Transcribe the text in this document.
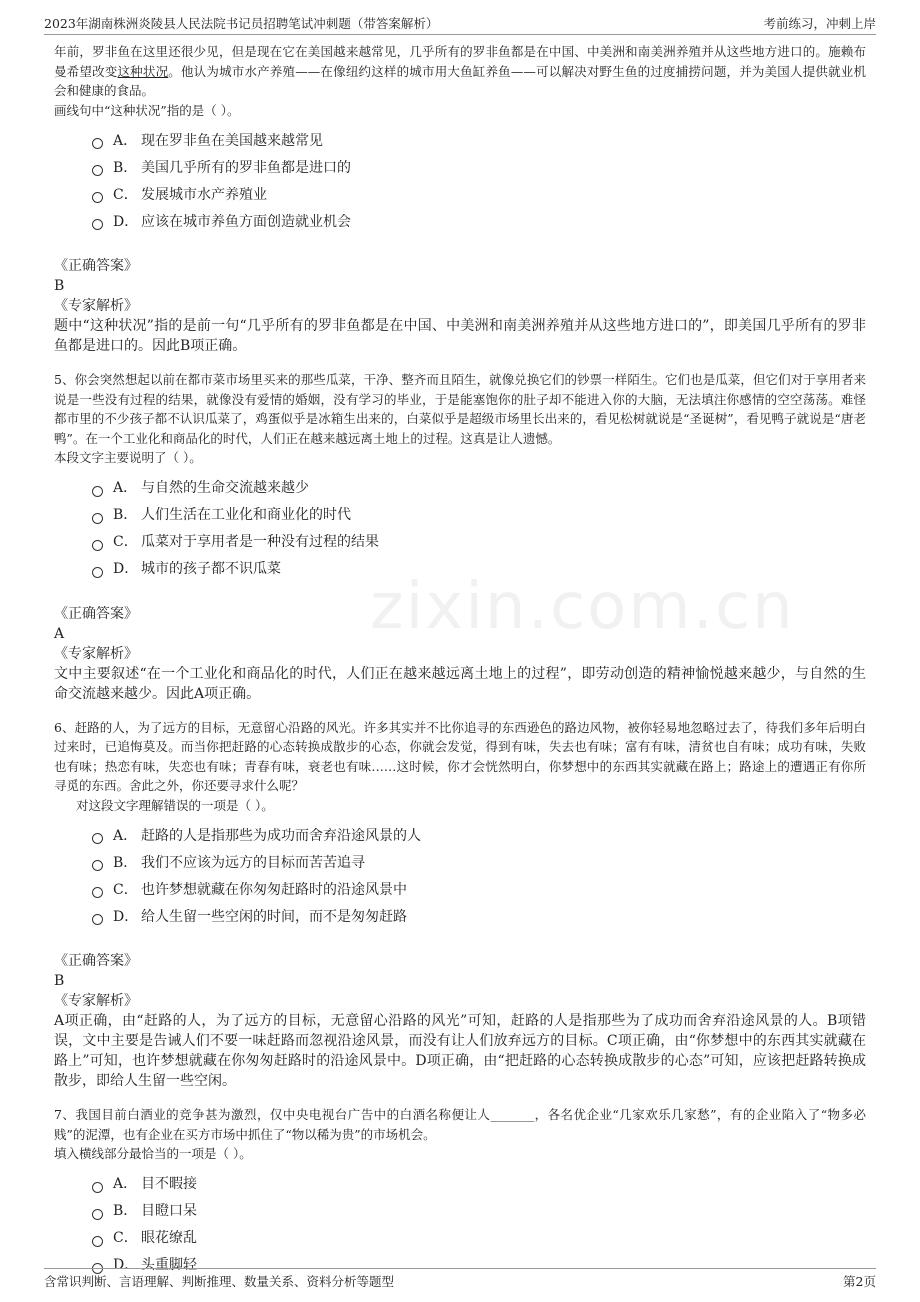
2023年湖南株洲炎陵县人民法院书记员招聘笔试冲刺题（带答案解析）	考前练习，冲刺上岸
zixin.com.cn

年前，罗非鱼在这里还很少见，但是现在它在美国越来越常见，几乎所有的罗非鱼都是在中国、中美洲和南美洲养殖并从这些地方进口的。施赖布曼希望改变这种状况。他认为城市水产养殖——在像纽约这样的城市用大鱼缸养鱼——可以解决对野生鱼的过度捕捞问题，并为美国人提供就业机会和健康的食品。

画线句中“这种状况”指的是（ ）。

A． 现在罗非鱼在美国越来越常见
B． 美国几乎所有的罗非鱼都是进口的
C． 发展城市水产养殖业
D． 应该在城市养鱼方面创造就业机会
《正确答案》
B
《专家解析》

题中“这种状况”指的是前一句“几乎所有的罗非鱼都是在中国、中美洲和南美洲养殖并从这些地方进口的”，即美国几乎所有的罗非鱼都是进口的。因此B项正确。

5、你会突然想起以前在都市菜市场里买来的那些瓜菜，干净、整齐而且陌生，就像兑换它们的钞票一样陌生。它们也是瓜菜，但它们对于享用者来说是一些没有过程的结果，就像没有爱情的婚姻，没有学习的毕业，于是能塞饱你的肚子却不能进入你的大脑，无法填注你感情的空空荡荡。难怪都市里的不少孩子都不认识瓜菜了，鸡蛋似乎是冰箱生出来的，白菜似乎是超级市场里长出来的，看见松树就说是“圣诞树”，看见鸭子就说是“唐老鸭”。在一个工业化和商品化的时代，人们正在越来越远离土地上的过程。这真是让人遗憾。

本段文字主要说明了（ ）。

A． 与自然的生命交流越来越少
B． 人们生活在工业化和商业化的时代
C． 瓜菜对于享用者是一种没有过程的结果
D． 城市的孩子都不识瓜菜
《正确答案》
A
《专家解析》

文中主要叙述“在一个工业化和商品化的时代，人们正在越来越远离土地上的过程”，即劳动创造的精神愉悦越来越少，与自然的生命交流越来越少。因此A项正确。

6、赶路的人，为了远方的目标，无意留心沿路的风光。许多其实并不比你追寻的东西逊色的路边风物，被你轻易地忽略过去了，待我们多年后明白过来时，已追悔莫及。而当你把赶路的心态转换成散步的心态，你就会发觉，得到有味，失去也有味；富有有味，清贫也自有味；成功有味，失败也有味；热恋有味，失恋也有味；青春有味，衰老也有味……这时候，你才会恍然明白，你梦想中的东西其实就藏在路上；路途上的遭遇正有你所寻觅的东西。舍此之外，你还要寻求什么呢？

对这段文字理解错误的一项是（ ）。

A． 赶路的人是指那些为成功而舍弃沿途风景的人
B． 我们不应该为远方的目标而苦苦追寻
C． 也许梦想就藏在你匆匆赶路时的沿途风景中
D． 给人生留一些空闲的时间，而不是匆匆赶路
《正确答案》
B
《专家解析》

A项正确，由“赶路的人，为了远方的目标，无意留心沿路的风光”可知，赶路的人是指那些为了成功而舍弃沿途风景的人。B项错误，文中主要是告诫人们不要一味赶路而忽视沿途风景，而没有让人们放弃远方的目标。C项正确，由“你梦想中的东西其实就藏在路上”可知，也许梦想就藏在你匆匆赶路时的沿途风景中。D项正确，由“把赶路的心态转换成散步的心态”可知，应该把赶路转换成散步，即给人生留一些空闲。

7、我国目前白酒业的竞争甚为激烈，仅中央电视台广告中的白酒名称便让人_______，各名优企业“几家欢乐几家愁”，有的企业陷入了“物多必贱”的泥潭，也有企业在买方市场中抓住了“物以稀为贵”的市场机会。

填入横线部分最恰当的一项是（ ）。

A． 目不暇接
B． 目瞪口呆
C． 眼花缭乱
D． 头重脚轻
含常识判断、言语理解、判断推理、数量关系、资料分析等题型	第2页
